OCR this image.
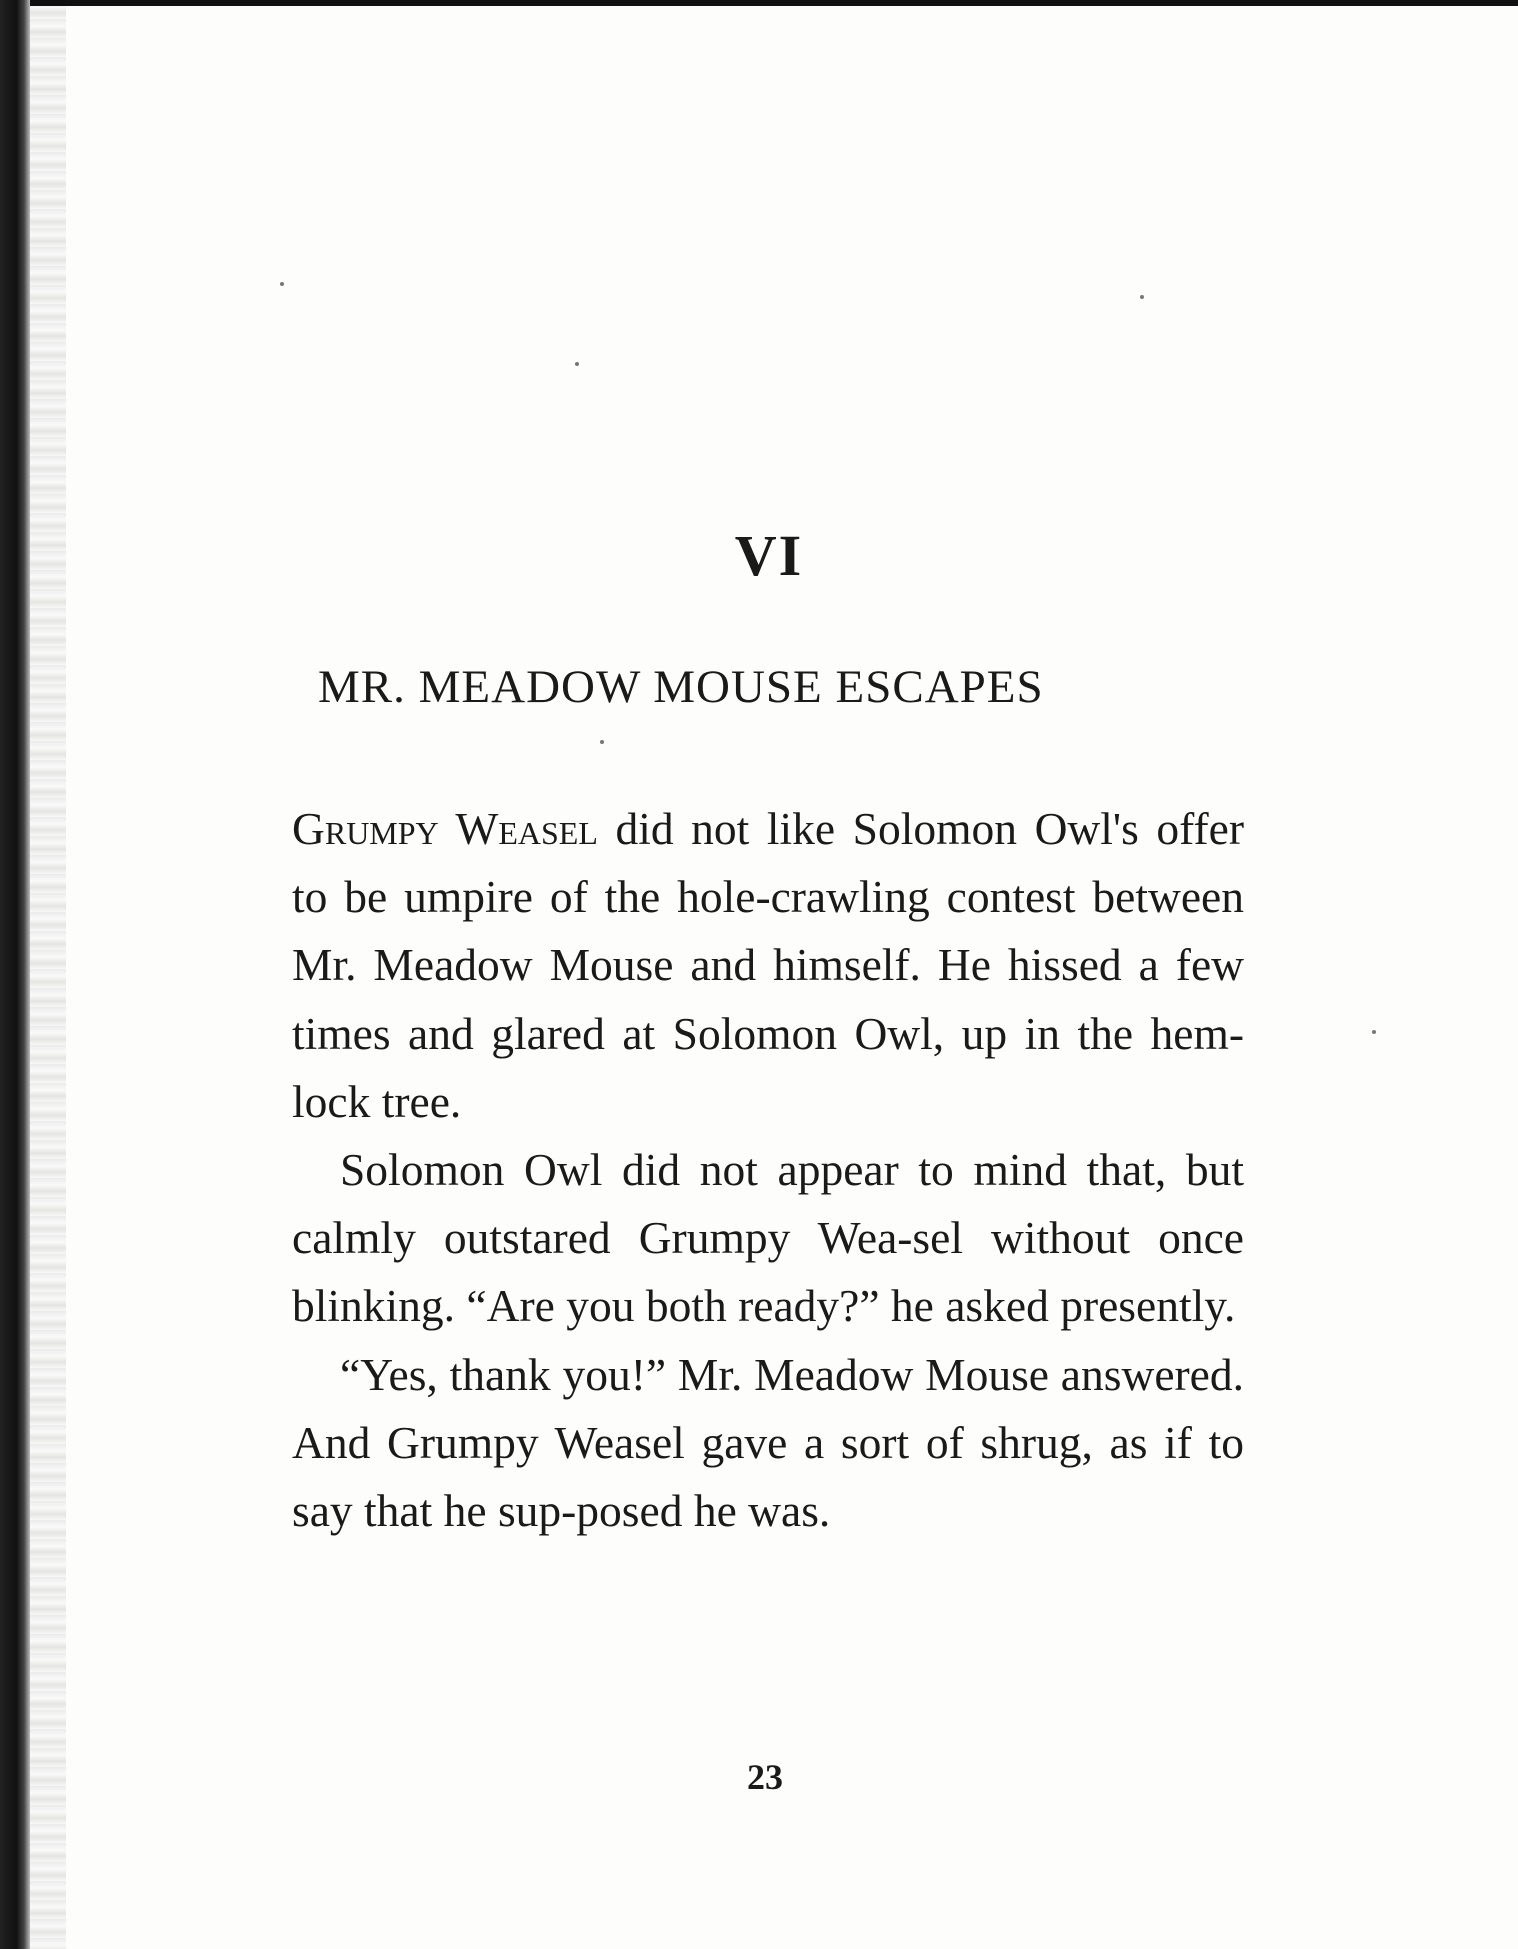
VI
MR. MEADOW MOUSE ESCAPES

Grumpy Weasel did not like Solomon Owl's offer to be umpire of the hole-crawling contest between Mr. Meadow Mouse and himself. He hissed a few times and glared at Solomon Owl, up in the hem-lock tree.

Solomon Owl did not appear to mind that, but calmly outstared Grumpy Wea-sel without once blinking. “Are you both ready?” he asked presently.

“Yes, thank you!” Mr. Meadow Mouse answered. And Grumpy Weasel gave a sort of shrug, as if to say that he sup-posed he was.

23
